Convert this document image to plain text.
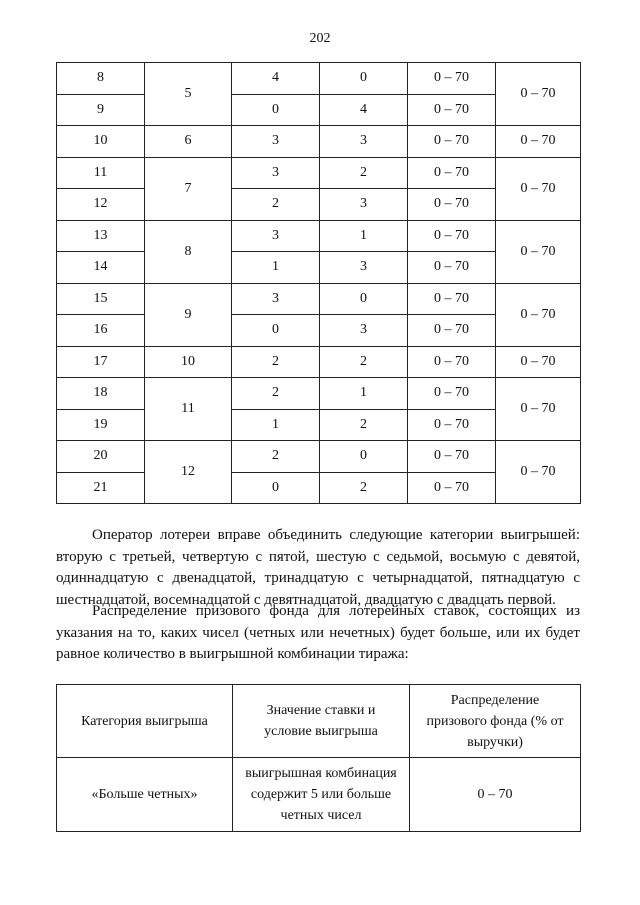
202
8	5	4	0	0 – 70	0 – 70
9		0	4	0 – 70	
10	6	3	3	0 – 70	0 – 70
11	7	3	2	0 – 70	0 – 70
12		2	3	0 – 70	
13	8	3	1	0 – 70	0 – 70
14		1	3	0 – 70	
15	9	3	0	0 – 70	0 – 70
16		0	3	0 – 70	
17	10	2	2	0 – 70	0 – 70
18	11	2	1	0 – 70	0 – 70
19		1	2	0 – 70	
20	12	2	0	0 – 70	0 – 70
21		0	2	0 – 70	

Оператор лотереи вправе объединить следующие категории выигрышей: вторую с третьей, четвертую с пятой, шестую с седьмой, восьмую с девятой, одиннадцатую с двенадцатой, тринадцатую с четырнадцатой, пятнадцатую с шестнадцатой, восемнадцатой с девятнадцатой, двадцатую с двадцать первой.

Распределение призового фонда для лотерейных ставок, состоящих из указания на то, каких чисел (четных или нечетных) будет больше, или их будет равное количество в выигрышной комбинации тиража:

Категория выигрыша	Значение ставки и условие выигрыша	Распределение призового фонда (% от выручки)
«Больше четных»	выигрышная комбинация содержит 5 или больше четных чисел	0 – 70
